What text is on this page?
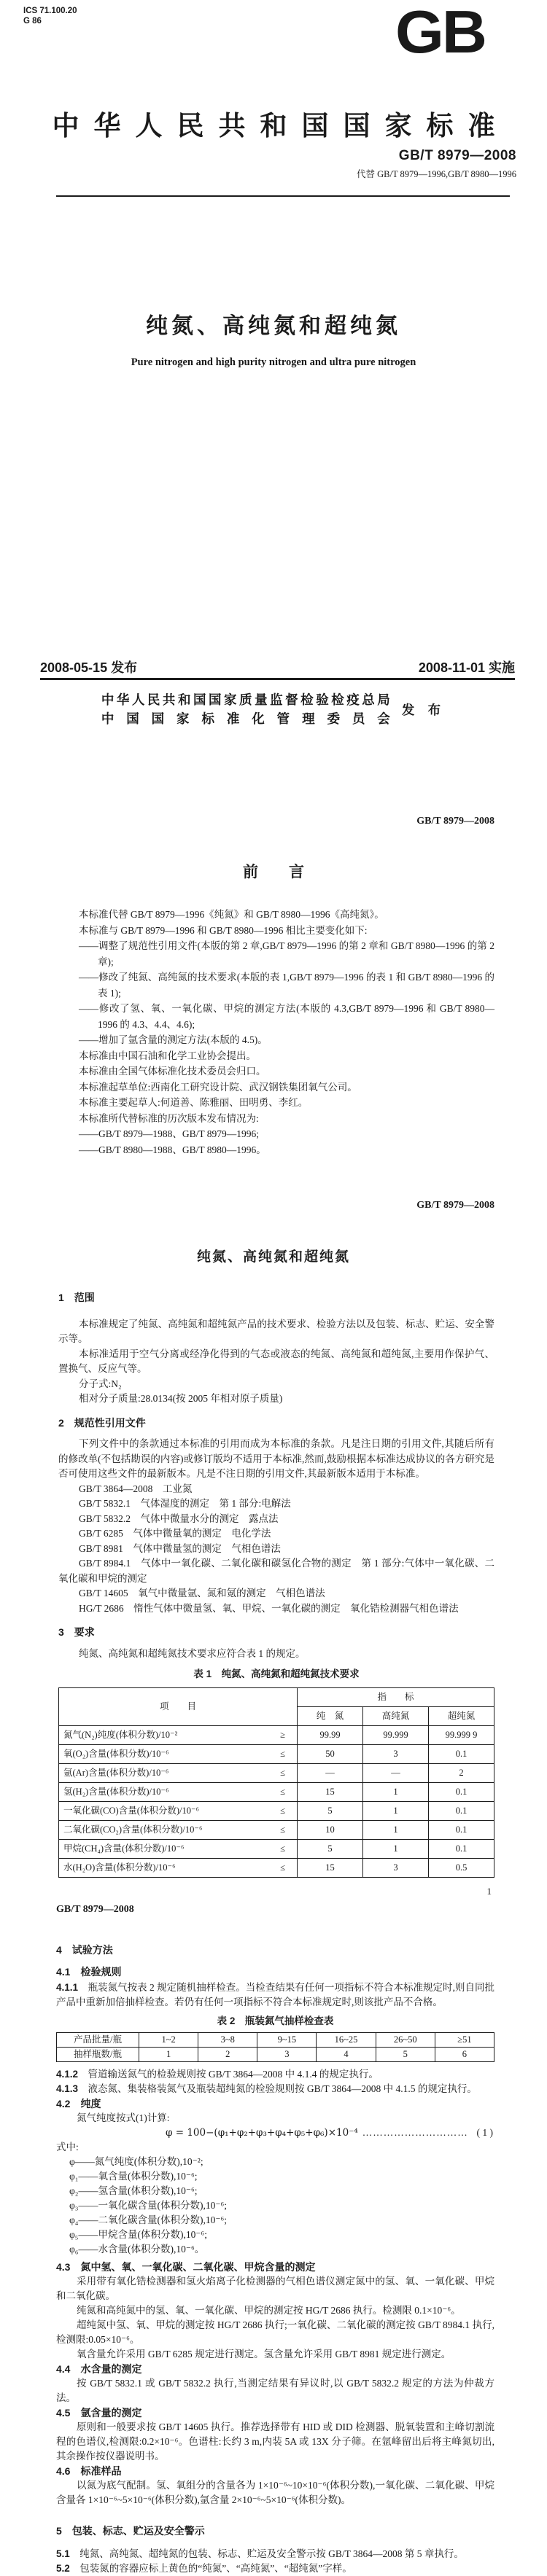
ICS 71.100.20
G 86	GB
中华人民共和国国家标准
GB/T 8979—2008
代替 GB/T 8979—1996,GB/T 8980—1996
纯氮、高纯氮和超纯氮
Pure nitrogen and high purity nitrogen and ultra pure nitrogen
2008-05-15 发布	2008-11-01 实施
中华人民共和国国家质量监督检验检疫总局
中国国家标准化管理委员会
发 布
GB/T 8979—2008
前　　言

本标准代替 GB/T 8979—1996《纯氮》和 GB/T 8980—1996《高纯氮》。

本标准与 GB/T 8979—1996 和 GB/T 8980—1996 相比主要变化如下:

——调整了规范性引用文件(本版的第 2 章,GB/T 8979—1996 的第 2 章和 GB/T 8980—1996 的第 2 章);

——修改了纯氮、高纯氮的技术要求(本版的表 1,GB/T 8979—1996 的表 1 和 GB/T 8980—1996 的表 1);

——修改了氢、氧、一氧化碳、甲烷的测定方法(本版的 4.3,GB/T 8979—1996 和 GB/T 8980—1996 的 4.3、4.4、4.6);

——增加了氩含量的测定方法(本版的 4.5)。

本标准由中国石油和化学工业协会提出。

本标准由全国气体标准化技术委员会归口。

本标准起草单位:西南化工研究设计院、武汉钢铁集团氧气公司。

本标准主要起草人:何道善、陈雅丽、田明勇、李红。

本标准所代替标准的历次版本发布情况为:

——GB/T 8979—1988、GB/T 8979—1996;

——GB/T 8980—1988、GB/T 8980—1996。

GB/T 8979—2008
纯氮、高纯氮和超纯氮
1　范围

本标准规定了纯氮、高纯氮和超纯氮产品的技术要求、检验方法以及包装、标志、贮运、安全警示等。

本标准适用于空气分离或经净化得到的气态或液态的纯氮、高纯氮和超纯氮,主要用作保护气、置换气、反应气等。

分子式:N₂

相对分子质量:28.0134(按 2005 年相对原子质量)

2　规范性引用文件

下列文件中的条款通过本标准的引用而成为本标准的条款。凡是注日期的引用文件,其随后所有的修改单(不包括勘误的内容)或修订版均不适用于本标准,然而,鼓励根据本标准达成协议的各方研究是否可使用这些文件的最新版本。凡是不注日期的引用文件,其最新版本适用于本标准。

GB/T 3864—2008　工业氮

GB/T 5832.1　气体湿度的测定　第 1 部分:电解法

GB/T 5832.2　气体中微量水分的测定　露点法

GB/T 6285　气体中微量氧的测定　电化学法

GB/T 8981　气体中微量氢的测定　气相色谱法

GB/T 8984.1　气体中一氧化碳、二氧化碳和碳氢化合物的测定　第 1 部分:气体中一氧化碳、二氧化碳和甲烷的测定

GB/T 14605　氧气中微量氩、氮和氪的测定　气相色谱法

HG/T 2686　惰性气体中微量氢、氧、甲烷、一氧化碳的测定　氧化锆检测器气相色谱法

3　要求

纯氮、高纯氮和超纯氮技术要求应符合表 1 的规定。

表 1　纯氮、高纯氮和超纯氮技术要求
项　　目	指　　标		
	纯　氮	高纯氮	超纯氮

氮气(N₂)纯度(体积分数)/10⁻² ≥	99.99	99.999	99.999 9

氧(O₂)含量(体积分数)/10⁻⁶ ≤	50	3	0.1

氩(Ar)含量(体积分数)/10⁻⁶ ≤	—	—	2

氢(H₂)含量(体积分数)/10⁻⁶ ≤	15	1	0.1

一氧化碳(CO)含量(体积分数)/10⁻⁶ ≤	5	1	0.1

二氧化碳(CO₂)含量(体积分数)/10⁻⁶ ≤	10	1	0.1

甲烷(CH₄)含量(体积分数)/10⁻⁶ ≤	5	1	0.1

水(H₂O)含量(体积分数)/10⁻⁶ ≤	15	3	0.5
1
GB/T 8979—2008
4　试验方法
4.1　检验规则

4.1.1　 瓶装氮气按表 2 规定随机抽样检查。当检查结果有任何一项指标不符合本标准规定时,则自同批产品中重新加倍抽样检查。若仍有任何一项指标不符合本标准规定时,则该批产品不合格。

表 2　瓶装氮气抽样检查表
产品批量/瓶	1~2	3~8	9~15	16~25	26~50	≥51
抽样瓶数/瓶	1	2	3	4	5	6

4.1.2　 管道输送氮气的检验规则按 GB/T 3864—2008 中 4.1.4 的规定执行。

4.1.3　 液态氮、集装格装氮气及瓶装超纯氮的检验规则按 GB/T 3864—2008 中 4.1.5 的规定执行。

4.2　纯度

氮气纯度按式(1)计算:

φ = 100−(φ₁+φ₂+φ₃+φ₄+φ₅+φ₆)×10⁻⁴ ………………………… ( 1 )

式中:

φ——氮气纯度(体积分数),10⁻²;

φ₁——氧含量(体积分数),10⁻⁶;

φ₂——氢含量(体积分数),10⁻⁶;

φ₃——一氧化碳含量(体积分数),10⁻⁶;

φ₄——二氧化碳含量(体积分数),10⁻⁶;

φ₅——甲烷含量(体积分数),10⁻⁶;

φ₆——水含量(体积分数),10⁻⁶。

4.3　氮中氢、氧、一氧化碳、二氧化碳、甲烷含量的测定

采用带有氧化锆检测器和氢火焰离子化检测器的气相色谱仪测定氮中的氢、氧、一氧化碳、甲烷和二氧化碳。

纯氮和高纯氮中的氢、氧、一氧化碳、甲烷的测定按 HG/T 2686 执行。检测限 0.1×10⁻⁶。

超纯氮中氢、氧、甲烷的测定按 HG/T 2686 执行;一氧化碳、二氧化碳的测定按 GB/T 8984.1 执行,检测限:0.05×10⁻⁶。

氧含量允许采用 GB/T 6285 规定进行测定。氢含量允许采用 GB/T 8981 规定进行测定。

4.4　水含量的测定

按 GB/T 5832.1 或 GB/T 5832.2 执行,当测定结果有异议时,以 GB/T 5832.2 规定的方法为仲裁方法。

4.5　氩含量的测定

原则和一般要求按 GB/T 14605 执行。推荐选择带有 HID 或 DID 检测器、脱氧装置和主峰切割流程的色谱仪,检测限:0.2×10⁻⁶。色谱柱:长约 3 m,内装 5A 或 13X 分子筛。在氩峰留出后将主峰氮切出,其余操作按仪器说明书。

4.6　标准样品

以氮为底气配制。氢、氧组分的含量各为 1×10⁻⁶~10×10⁻⁶(体积分数),一氧化碳、二氧化碳、甲烷含量各 1×10⁻⁶~5×10⁻⁶(体积分数),氩含量 2×10⁻⁶~5×10⁻⁶(体积分数)。

5　包装、标志、贮运及安全警示

5.1　 纯氮、高纯氮、超纯氮的包装、标志、贮运及安全警示按 GB/T 3864—2008 第 5 章执行。

5.2　 包装氮的容器应标上黄色的“纯氮”、“高纯氮”、“超纯氮”字样。
